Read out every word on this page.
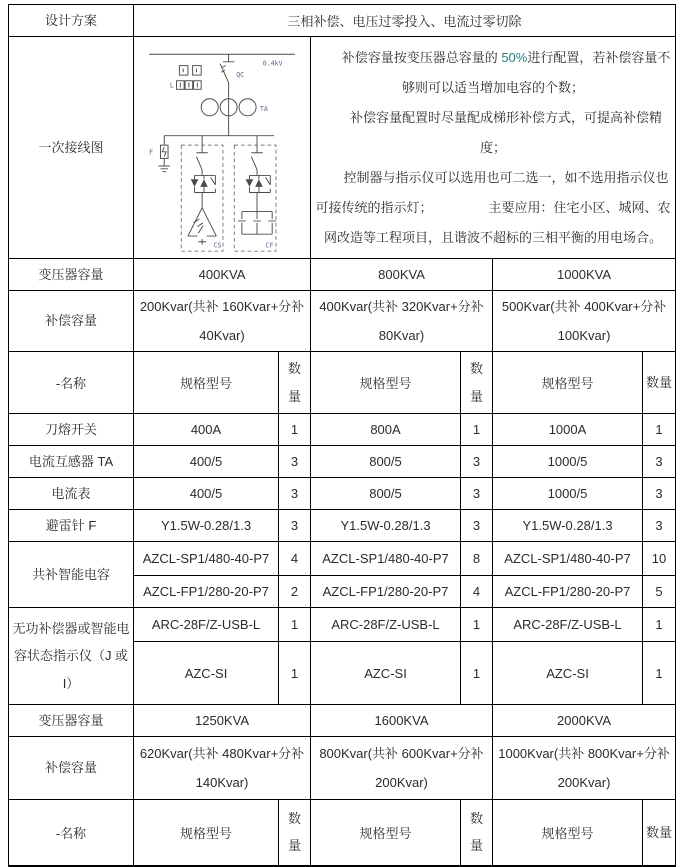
设计方案	三相补偿、电压过零投入、电流过零切除					
一次接线图	
0.4kV
QC
L
TA
F
CS	CF

补偿容量按变压器总容量的 50%进行配置，若补偿容量不够则可以适当增加电容的个数；

补偿容量配置时尽量配成梯形补偿方式，可提高补偿精度；

控制器与指示仪可以选用也可二选一，如不选用指示仪也可接传统的指示灯；	主要应用：住宅小区、城网、农网改造等工程项目，且谐波不超标的三相平衡的用电场合。

变压器容量	400KVA		800KVA		1000KVA	
补偿容量	200Kvar(共补 160Kvar+分补 40Kvar)		400Kvar(共补 320Kvar+分补 80Kvar)		500Kvar(共补 400Kvar+分补 100Kvar)	
-名称	规格型号	数量	规格型号	数量	规格型号	数量
刀熔开关	400A	1	800A	1	1000A	1
电流互感器 TA	400/5	3	800/5	3	1000/5	3
电流表	400/5	3	800/5	3	1000/5	3
避雷针 F	Y1.5W-0.28/1.3	3	Y1.5W-0.28/1.3	3	Y1.5W-0.28/1.3	3
共补智能电容	AZCL-SP1/480-40-P7	4	AZCL-SP1/480-40-P7	8	AZCL-SP1/480-40-P7	10
	AZCL-FP1/280-20-P7	2	AZCL-FP1/280-20-P7	4	AZCL-FP1/280-20-P7	5
无功补偿器或智能电容状态指示仪（J 或 I）	ARC-28F/Z-USB-L	1	ARC-28F/Z-USB-L	1	ARC-28F/Z-USB-L	1
	AZC-SI	1	AZC-SI	1	AZC-SI	1
变压器容量	1250KVA		1600KVA		2000KVA	
补偿容量	620Kvar(共补 480Kvar+分补 140Kvar)		800Kvar(共补 600Kvar+分补 200Kvar)		1000Kvar(共补 800Kvar+分补 200Kvar)	
-名称	规格型号	数量	规格型号	数量	规格型号	数量
